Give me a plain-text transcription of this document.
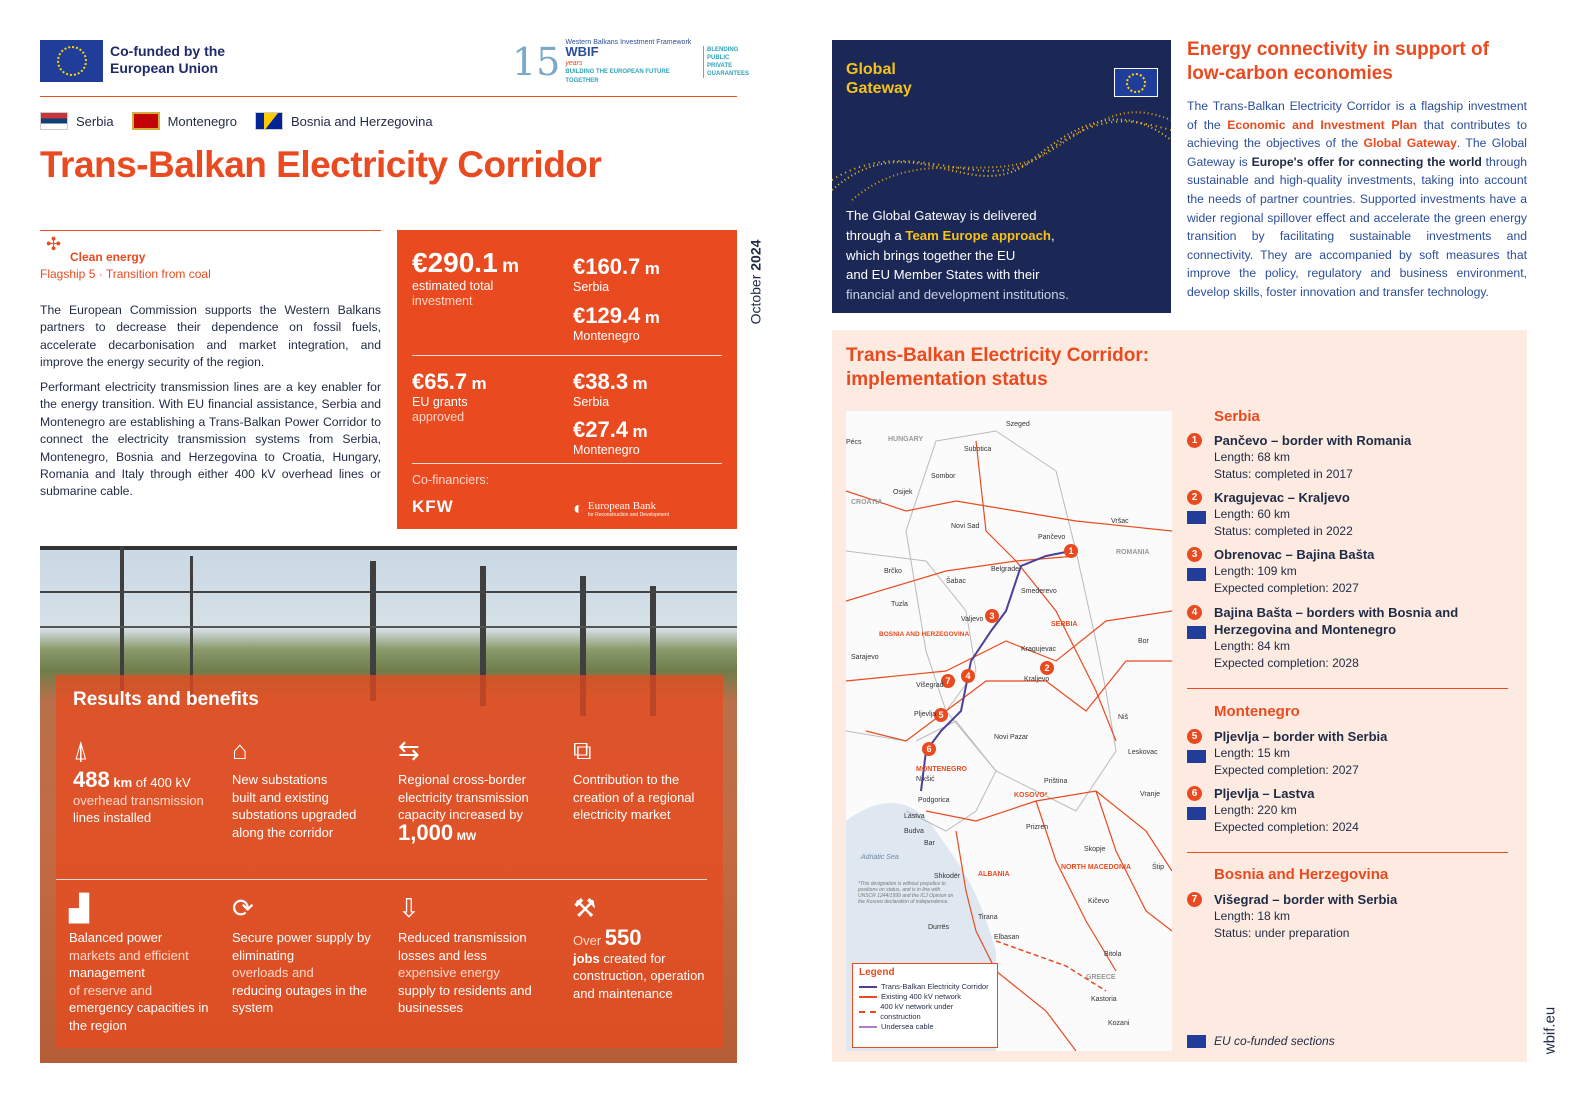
Co-funded by the European Union	15 Western Balkans Investment Framework
WBIF
years
BUILDING THE EUROPEAN FUTURE TOGETHER
BLENDING PUBLIC PRIVATE GUARANTEES
Serbia	Montenegro	Bosnia and Herzegovina
Trans-Balkan Electricity Corridor
✣
Clean energy
Flagship 5 · Transition from coal

The European Commission supports the Western Balkans partners to decrease their dependence on fossil fuels, accelerate decarbonisation and market integration, and improve the energy security of the region.

Performant electricity transmission lines are a key enabler for the energy transition. With EU financial assistance, Serbia and Montenegro are establishing a Trans-Balkan Power Corridor to connect the electricity transmission systems from Serbia, Montenegro, Bosnia and Herzegovina to Croatia, Hungary, Romania and Italy through either 400 kV overhead lines or submarine cable.

€290.1 m
estimated total
investment
€160.7 m
Serbia
€129.4 m
Montenegro
€65.7 m
EU grants
approved
€38.3 m
Serbia
€27.4 m
Montenegro
Co-financiers:
KFW	◐ European Bank
for Reconstruction and Development
October 2024
Results and benefits
⍋
488 km of 400 kV
overhead transmission
lines installed
⌂
New substations
built and existing substations upgraded along the corridor
⇆
Regional cross-border electricity transmission capacity increased by
1,000 MW
⧉
Contribution to the creation of a regional electricity market
▟
Balanced power
markets and efficient
management
of reserve and
emergency capacities in the region
⟳
Secure power supply by eliminating
overloads and
reducing outages in the system
⇩
Reduced transmission losses and less
expensive energy
supply to residents and businesses
⚒
Over 550
jobs created for
construction, operation and maintenance
Global
Gateway
The Global Gateway is delivered
through a Team Europe approach,
which brings together the EU
and EU Member States with their
financial and development institutions.
Energy connectivity in support of low-carbon economies

The Trans-Balkan Electricity Corridor is a flagship investment of the Economic and Investment Plan that contributes to achieving the objectives of the Global Gateway. The Global Gateway is Europe's offer for connecting the world through sustainable and high-quality investments, taking into account the needs of partner countries. Supported investments have a wider regional spillover effect and accelerate the green energy transition by facilitating sustainable investments and connectivity. They are accompanied by soft measures that improve the policy, regulatory and business environment, develop skills, foster innovation and transfer technology.

Trans-Balkan Electricity Corridor: implementation status
1
2
3
4
5
6
7
Szeged
HUNGARY
Pécs
Subotica
Sombor
CROATIA
Osijek
Novi Sad
Pančevo
Vršac
Belgrade
ROMANIA
Brčko
Šabac
Smederevo
Tuzla
Valjevo
SERBIA
BOSNIA AND HERZEGOVINA
Bor
Sarajevo
Kragujevac
Višegrad
Kraljevo
Niš
Pljevlja
Novi Pazar
Leskovac
MONTENEGRO
Nikšić	Priština
KOSOVO*
Podgorica
Vranje
Lastva
Budva
Prizren
Adriatic Sea
Bar
Skopje
Štip
Shkodër	ALBANIA
NORTH MACEDONIA
Tirana
Durrës
Kičevo
Elbasan
Bitola
GREECE
Kastoria
Kozani
Legend
Trans-Balkan Electricity Corridor
Existing 400 kV network
400 kV network under construction
Undersea cable
*This designation is without prejudice to positions on status, and is in line with UNSCR 1244/1999 and the ICJ Opinion on the Kosovo declaration of independence.
Serbia
1	Pančevo – border with Romania
Length: 68 km
Status: completed in 2017
2	Kragujevac – Kraljevo
Length: 60 km
Status: completed in 2022
3	Obrenovac – Bajina Bašta
Length: 109 km
Expected completion: 2027
4	Bajina Bašta – borders with Bosnia and Herzegovina and Montenegro
Length: 84 km
Expected completion: 2028
Montenegro
5	Pljevlja – border with Serbia
Length: 15 km
Expected completion: 2027
6	Pljevlja – Lastva
Length: 220 km
Expected completion: 2024
Bosnia and Herzegovina
7	Višegrad – border with Serbia
Length: 18 km
Status: under preparation
EU co-funded sections	wbif.eu
